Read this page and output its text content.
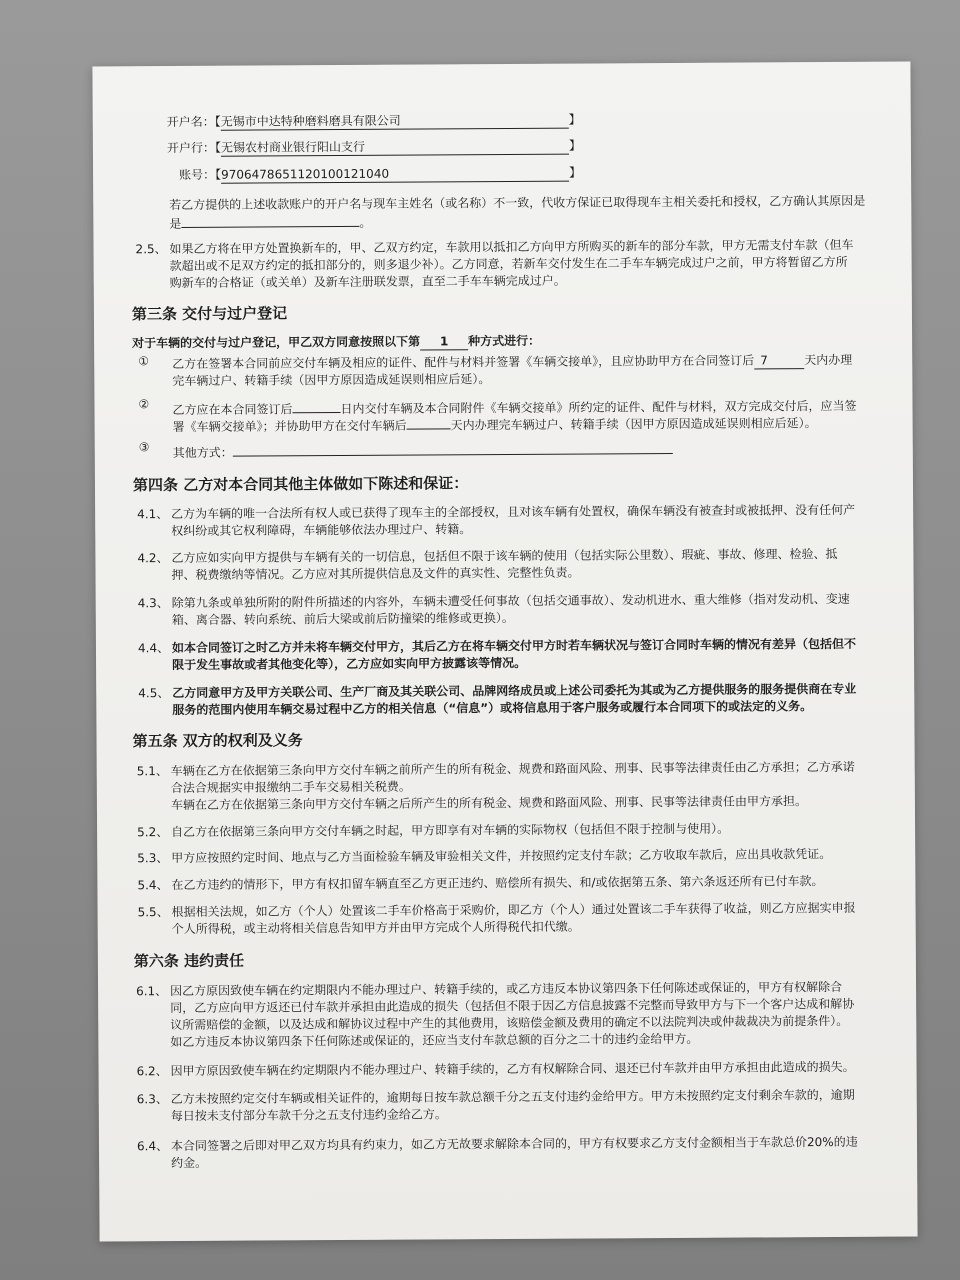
开户名：【无锡市中达特种磨料磨具有限公司	】
开户行：【无锡农村商业银行阳山支行	】
账号：【970647865112010012104​0	】
若乙方提供的上述收款账户的开户名与现车主姓名（或名称）不一致，代收方保证已取得现车主相关委托和授权，乙方确认其原因是
是	。
2.5、 如果乙方将在甲方处置换新车的，甲、乙双方约定，车款用以抵扣乙方向甲方所购买的新车的部分车款，甲方无需支付车款（但车
款超出或不足双方约定的抵扣部分的，则多退少补）。乙方同意，若新车交付发生在二手车车辆完成过户之前，甲方将暂留乙方所
购新车的合格证（或关单）及新车注册联发票，直至二手车车辆完成过户。
第三条 交付与过户登记
对于车辆的交付与过户登记，甲乙双方同意按照以下第 1 种方式进行：
① 乙方在签署本合同前应交付车辆及相应的证件、配件与材料并签署《车辆交接单》，且应协助甲方在合同签订后 7	天内办理
完车辆过户、转籍手续（因甲方原因造成延误则相应后延）。
② 乙方应在本合同签订后	日内交付车辆及本合同附件《车辆交接单》所约定的证件、配件与材料，双方完成交付后，应当签
署《车辆交接单》；并协助甲方在交付车辆后	天内办理完车辆过户、转籍手续（因甲方原因造成延误则相应后延）。
③ 其他方式：
第四条 乙方对本合同其他主体做如下陈述和保证：
4.1、 乙方为车辆的唯一合法所有权人或已获得了现车主的全部授权，且对该车辆有处置权，确保车辆没有被查封或被抵押、没有任何产
权纠纷或其它权利障碍，车辆能够依法办理过户、转籍。
4.2、 乙方应如实向甲方提供与车辆有关的一切信息，包括但不限于该车辆的使用（包括实际公里数）、瑕疵、事故、修理、检验、抵
押、税费缴纳等情况。乙方应对其所提供信息及文件的真实性、完整性负责。
4.3、 除第九条或单独所附的附件所描述的内容外，车辆未遭受任何事故（包括交通事故）、发动机进水、重大维修（指对发动机、变速
箱、离合器、转向系统、前后大梁或前后防撞梁的维修或更换）。
4.4、 如本合同签订之时乙方并未将车辆交付甲方，其后乙方在将车辆交付甲方时若车辆状况与签订合同时车辆的情况有差异（包括但不
限于发生事故或者其他变化等），乙方应如实向甲方披露该等情况。
4.5、 乙方同意甲方及甲方关联公司、生产厂商及其关联公司、品牌网络成员或上述公司委托为其或为乙方提供服务的服务提供商在专业
服务的范围内使用车辆交易过程中乙方的相关信息（“信息”）或将信息用于客户服务或履行本合同项下的或法定的义务。
第五条 双方的权利及义务
5.1、 车辆在乙方在依据第三条向甲方交付车辆之前所产生的所有税金、规费和路面风险、刑事、民事等法律责任由乙方承担；乙方承诺
合法合规据实申报缴纳二手车交易相关税费。
车辆在乙方在依据第三条向甲方交付车辆之后所产生的所有税金、规费和路面风险、刑事、民事等法律责任由甲方承担。
5.2、 自乙方在依据第三条向甲方交付车辆之时起，甲方即享有对车辆的实际物权（包括但不限于控制与使用）。
5.3、 甲方应按照约定时间、地点与乙方当面检验车辆及审验相关文件，并按照约定支付车款；乙方收取车款后，应出具收款凭证。
5.4、 在乙方违约的情形下，甲方有权扣留车辆直至乙方更正违约、赔偿所有损失、和/或依据第五条、第六条返还所有已付车款。
5.5、 根据相关法规，如乙方（个人）处置该二手车价格高于采购价，即乙方（个人）通过处置该二手车获得了收益，则乙方应据实申报
个人所得税，或主动将相关信息告知甲方并由甲方完成个人所得税代扣代缴。
第六条 违约责任
6.1、 因乙方原因致使车辆在约定期限内不能办理过户、转籍手续的，或乙方违反本协议第四条下任何陈述或保证的，甲方有权解除合
同，乙方应向甲方返还已付车款并承担由此造成的损失（包括但不限于因乙方信息披露不完整而导致甲方与下一个客户达成和解协
议所需赔偿的金额，以及达成和解协议过程中产生的其他费用，该赔偿金额及费用的确定不以法院判决或仲裁裁决为前提条件）。
如乙方违反本协议第四条下任何陈述或保证的，还应当支付车款总额的百分之二十的违约金给甲方。
6.2、 因甲方原因致使车辆在约定期限内不能办理过户、转籍手续的，乙方有权解除合同、退还已付车款并由甲方承担由此造成的损失。
6.3、 乙方未按照约定交付车辆或相关证件的，逾期每日按车款总额千分之五支付违约金给甲方。甲方未按照约定支付剩余车款的，逾期
每日按未支付部分车款千分之五支付违约金给乙方。
6.4、 本合同签署之后即对甲乙双方均具有约束力，如乙方无故要求解除本合同的，甲方有权要求乙方支付金额相当于车款总价20%的违
约金。
